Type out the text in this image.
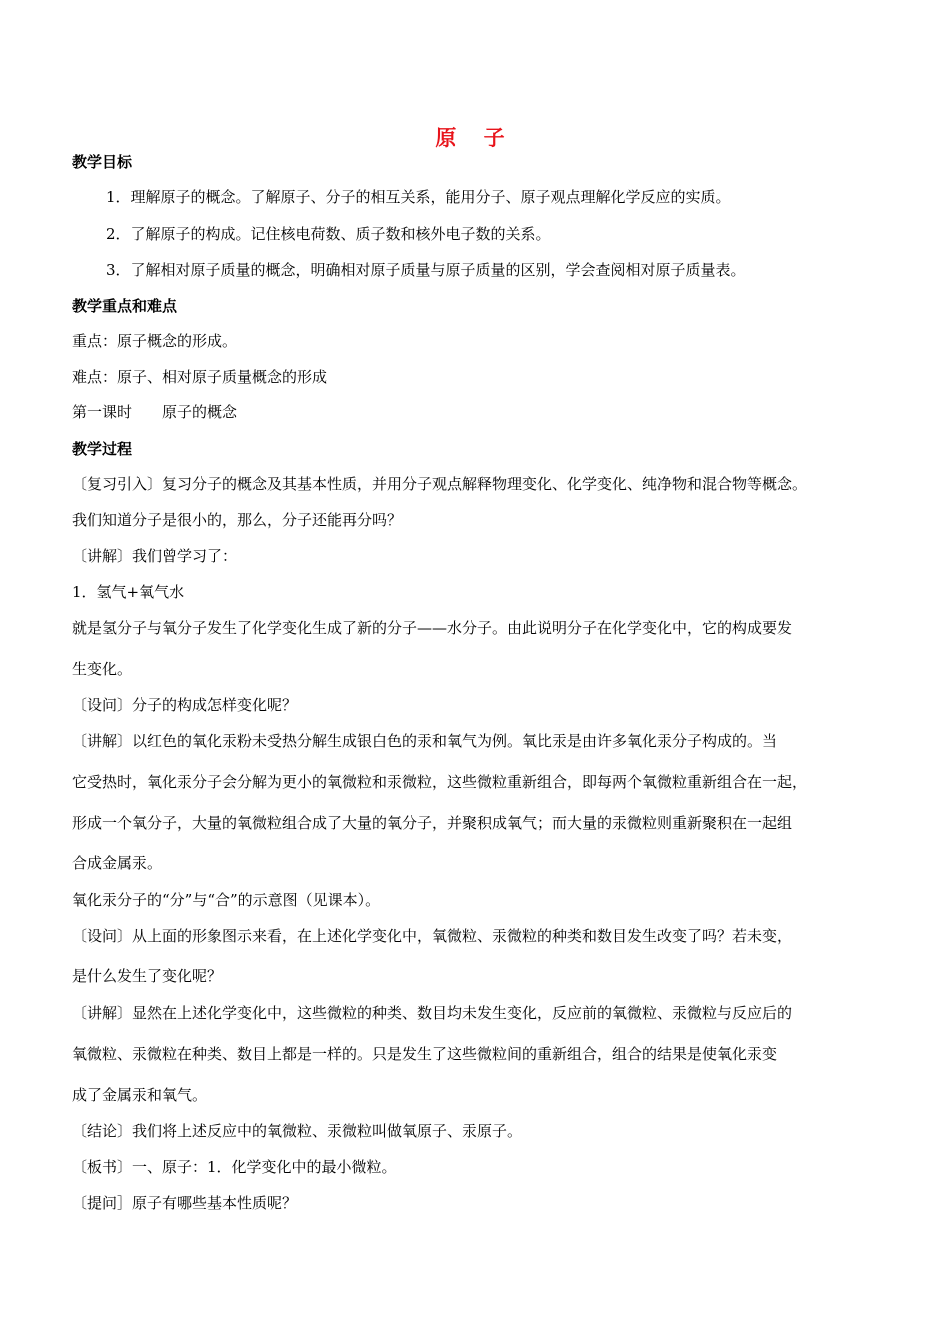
原 子
教学目标
1．理解原子的概念。了解原子、分子的相互关系，能用分子、原子观点理解化学反应的实质。
2．了解原子的构成。记住核电荷数、质子数和核外电子数的关系。
3．了解相对原子质量的概念，明确相对原子质量与原子质量的区别，学会查阅相对原子质量表。
教学重点和难点
重点：原子概念的形成。
难点：原子、相对原子质量概念的形成
第一课时　　原子的概念
教学过程
〔复习引入〕复习分子的概念及其基本性质，并用分子观点解释物理变化、化学变化、纯净物和混合物等概念。
我们知道分子是很小的，那么，分子还能再分吗？
〔讲解〕我们曾学习了：
1．氢气+氧气水
就是氢分子与氧分子发生了化学变化生成了新的分子——水分子。由此说明分子在化学变化中，它的构成要发
生变化。
〔设问〕分子的构成怎样变化呢？
〔讲解〕以红色的氧化汞粉未受热分解生成银白色的汞和氧气为例。氧比汞是由许多氧化汞分子构成的。当
它受热时，氧化汞分子会分解为更小的氧微粒和汞微粒，这些微粒重新组合，即每两个氧微粒重新组合在一起，
形成一个氧分子，大量的氧微粒组合成了大量的氧分子，并聚积成氧气；而大量的汞微粒则重新聚积在一起组
合成金属汞。
氧化汞分子的“分”与“合”的示意图（见课本）。
〔设问〕从上面的形象图示来看，在上述化学变化中，氧微粒、汞微粒的种类和数目发生改变了吗？若未变，
是什么发生了变化呢？
〔讲解〕显然在上述化学变化中，这些微粒的种类、数目均未发生变化，反应前的氧微粒、汞微粒与反应后的
氧微粒、汞微粒在种类、数目上都是一样的。只是发生了这些微粒间的重新组合，组合的结果是使氧化汞变
成了金属汞和氧气。
〔结论〕我们将上述反应中的氧微粒、汞微粒叫做氧原子、汞原子。
〔板书〕一、原子：1．化学变化中的最小微粒。
〔提问］原子有哪些基本性质呢？
